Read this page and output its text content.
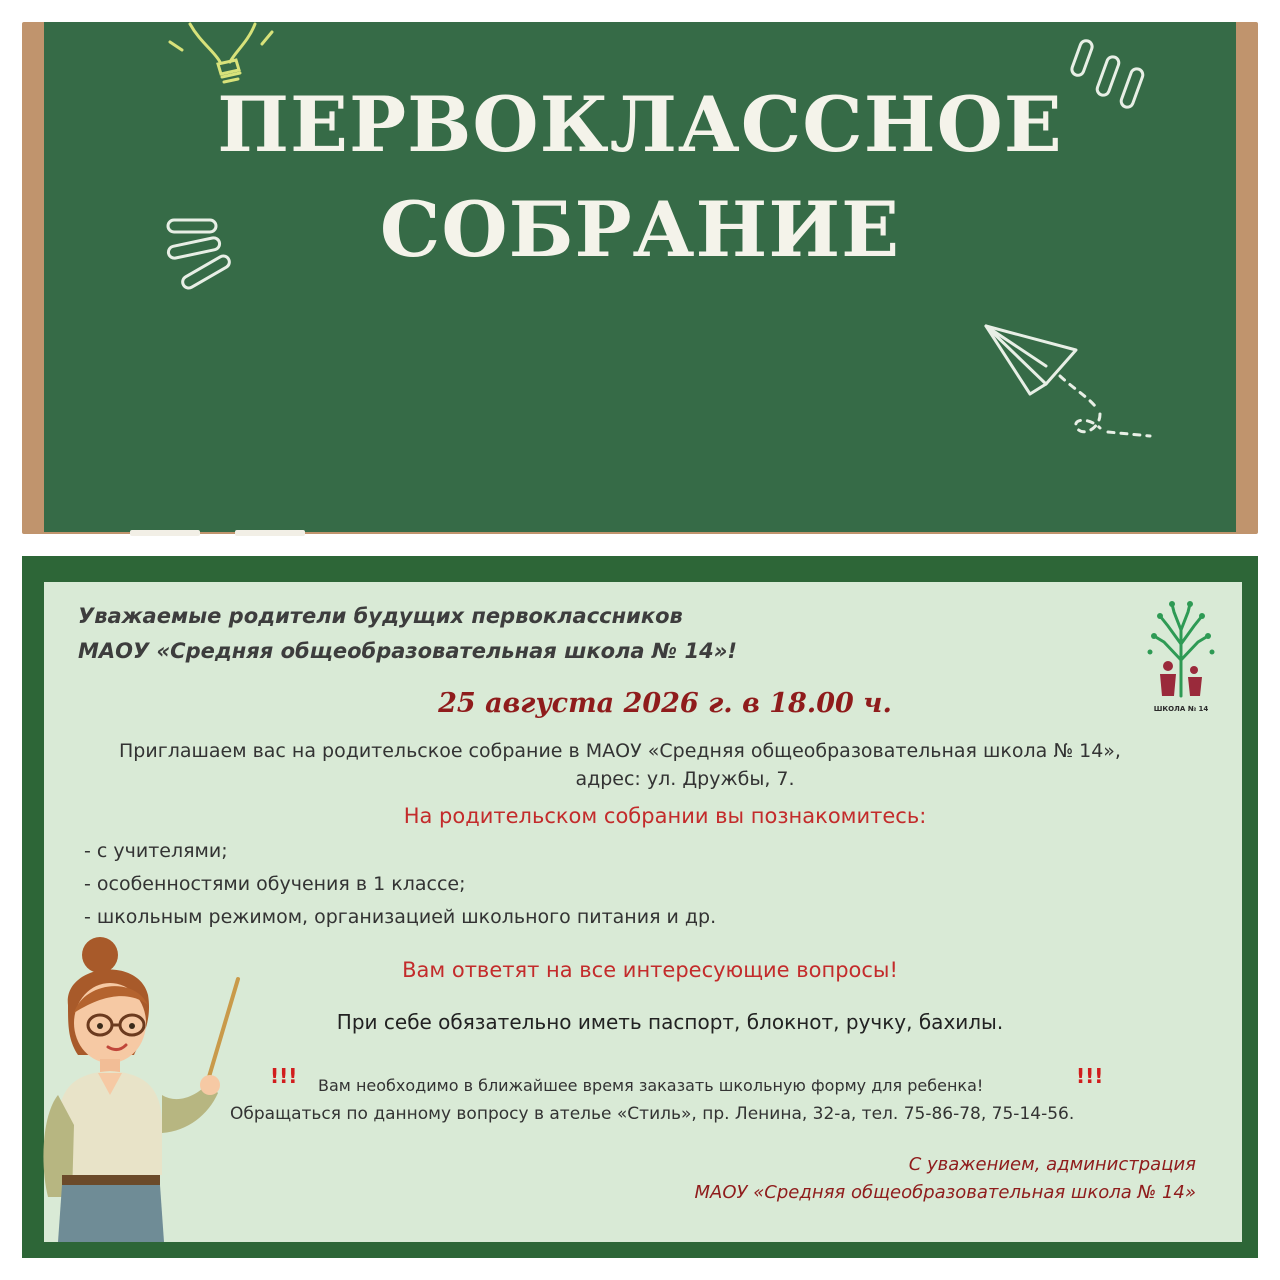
ПЕРВОКЛАССНОЕ
СОБРАНИЕ

Уважаемые родители будущих первоклассников

МАОУ «Средняя общеобразовательная школа № 14»!

ШКОЛА № 14

25 августа 2026 г. в 18.00 ч.

Приглашаем вас на родительское собрание в МАОУ «Средняя общеобразовательная школа № 14»,

адрес: ул. Дружбы, 7.

На родительском собрании вы познакомитесь:

- с учителями;

- особенностями обучения в 1 классе;

- школьным режимом, организацией школьного питания и др.

Вам ответят на все интересующие вопросы!

При себе обязательно иметь паспорт, блокнот, ручку, бахилы.

!!! Вам необходимо в ближайшее время заказать школьную форму для ребенка!	!!!

Обращаться по данному вопросу в ателье «Стиль», пр. Ленина, 32-а, тел. 75-86-78, 75-14-56.

С уважением, администрация

МАОУ «Средняя общеобразовательная школа № 14»
